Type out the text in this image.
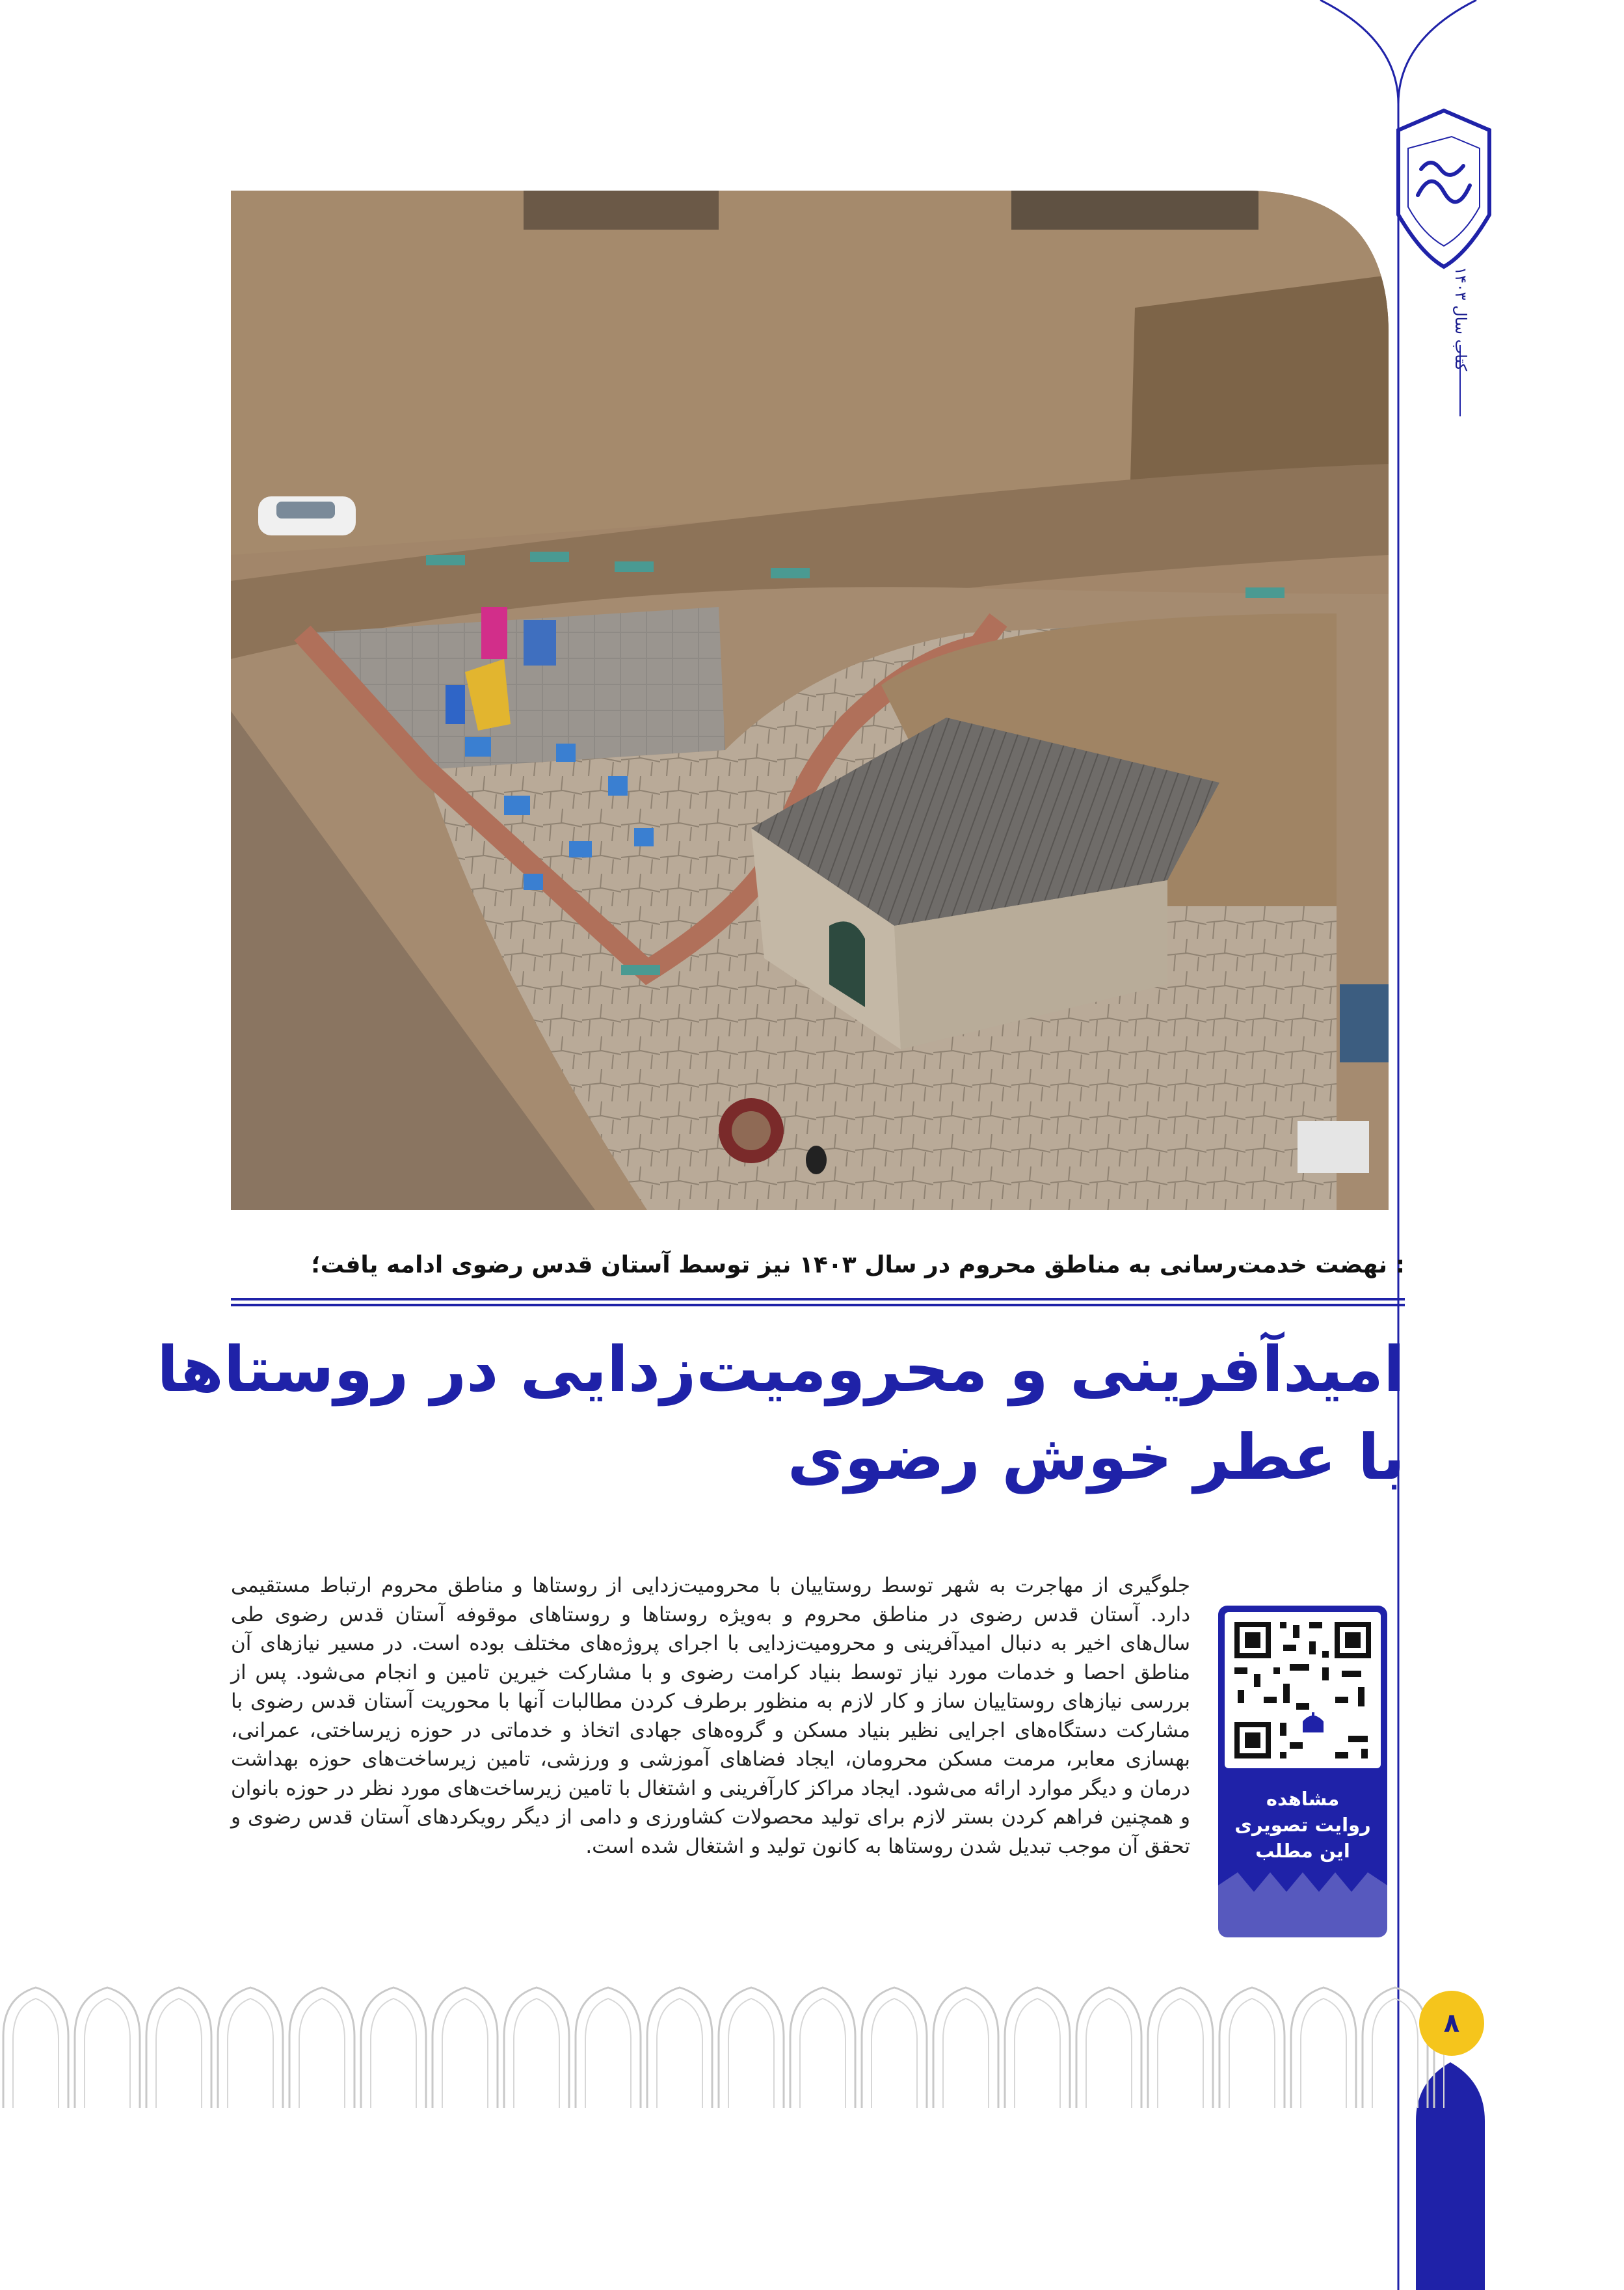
کتاب سال ۱۴۰۳
: نهضت خدمت‌رسانی به مناطق محروم در سال ۱۴۰۳ نیز توسط آستان قدس رضوی ادامه یافت؛
امیدآفرینی و محرومیت‌زدایی در روستاها
با عطر خوش رضوی
جلوگیری از مهاجرت به شهر توسط روستاییان با محرومیت‌زدایی از روستاها و مناطق محروم ارتباط مستقیمی دارد. آستان قدس رضوی در مناطق محروم و به‌ویژه روستاها و روستاهای موقوفه آستان قدس رضوی طی سال‌های اخیر به دنبال امیدآفرینی و محرومیت‌زدایی با اجرای پروژه‌های مختلف بوده است. در مسیر نیازهای آن مناطق احصا و خدمات مورد نیاز توسط بنیاد کرامت رضوی و با مشارکت خیرین تامین و انجام می‌شود. پس از بررسی نیازهای روستاییان ساز و کار لازم به منظور برطرف کردن مطالبات آنها با محوریت آستان قدس رضوی با مشارکت دستگاه‌های اجرایی نظیر بنیاد مسکن و گروه‌های جهادی اتخاذ و خدماتی در حوزه زیرساختی، عمرانی، بهسازی معابر، مرمت مسکن محرومان، ایجاد فضاهای آموزشی و ورزشی، تامین زیرساخت‌های حوزه بهداشت درمان و دیگر موارد ارائه می‌شود. ایجاد مراکز کارآفرینی و اشتغال با تامین زیرساخت‌های مورد نظر در حوزه بانوان و همچنین فراهم کردن بستر لازم برای تولید محصولات کشاورزی و دامی از دیگر رویکردهای آستان قدس رضوی و تحقق آن موجب تبدیل شدن روستاها به کانون تولید و اشتغال شده است.
مشاهده
روایت تصویری
این مطلب
۸
